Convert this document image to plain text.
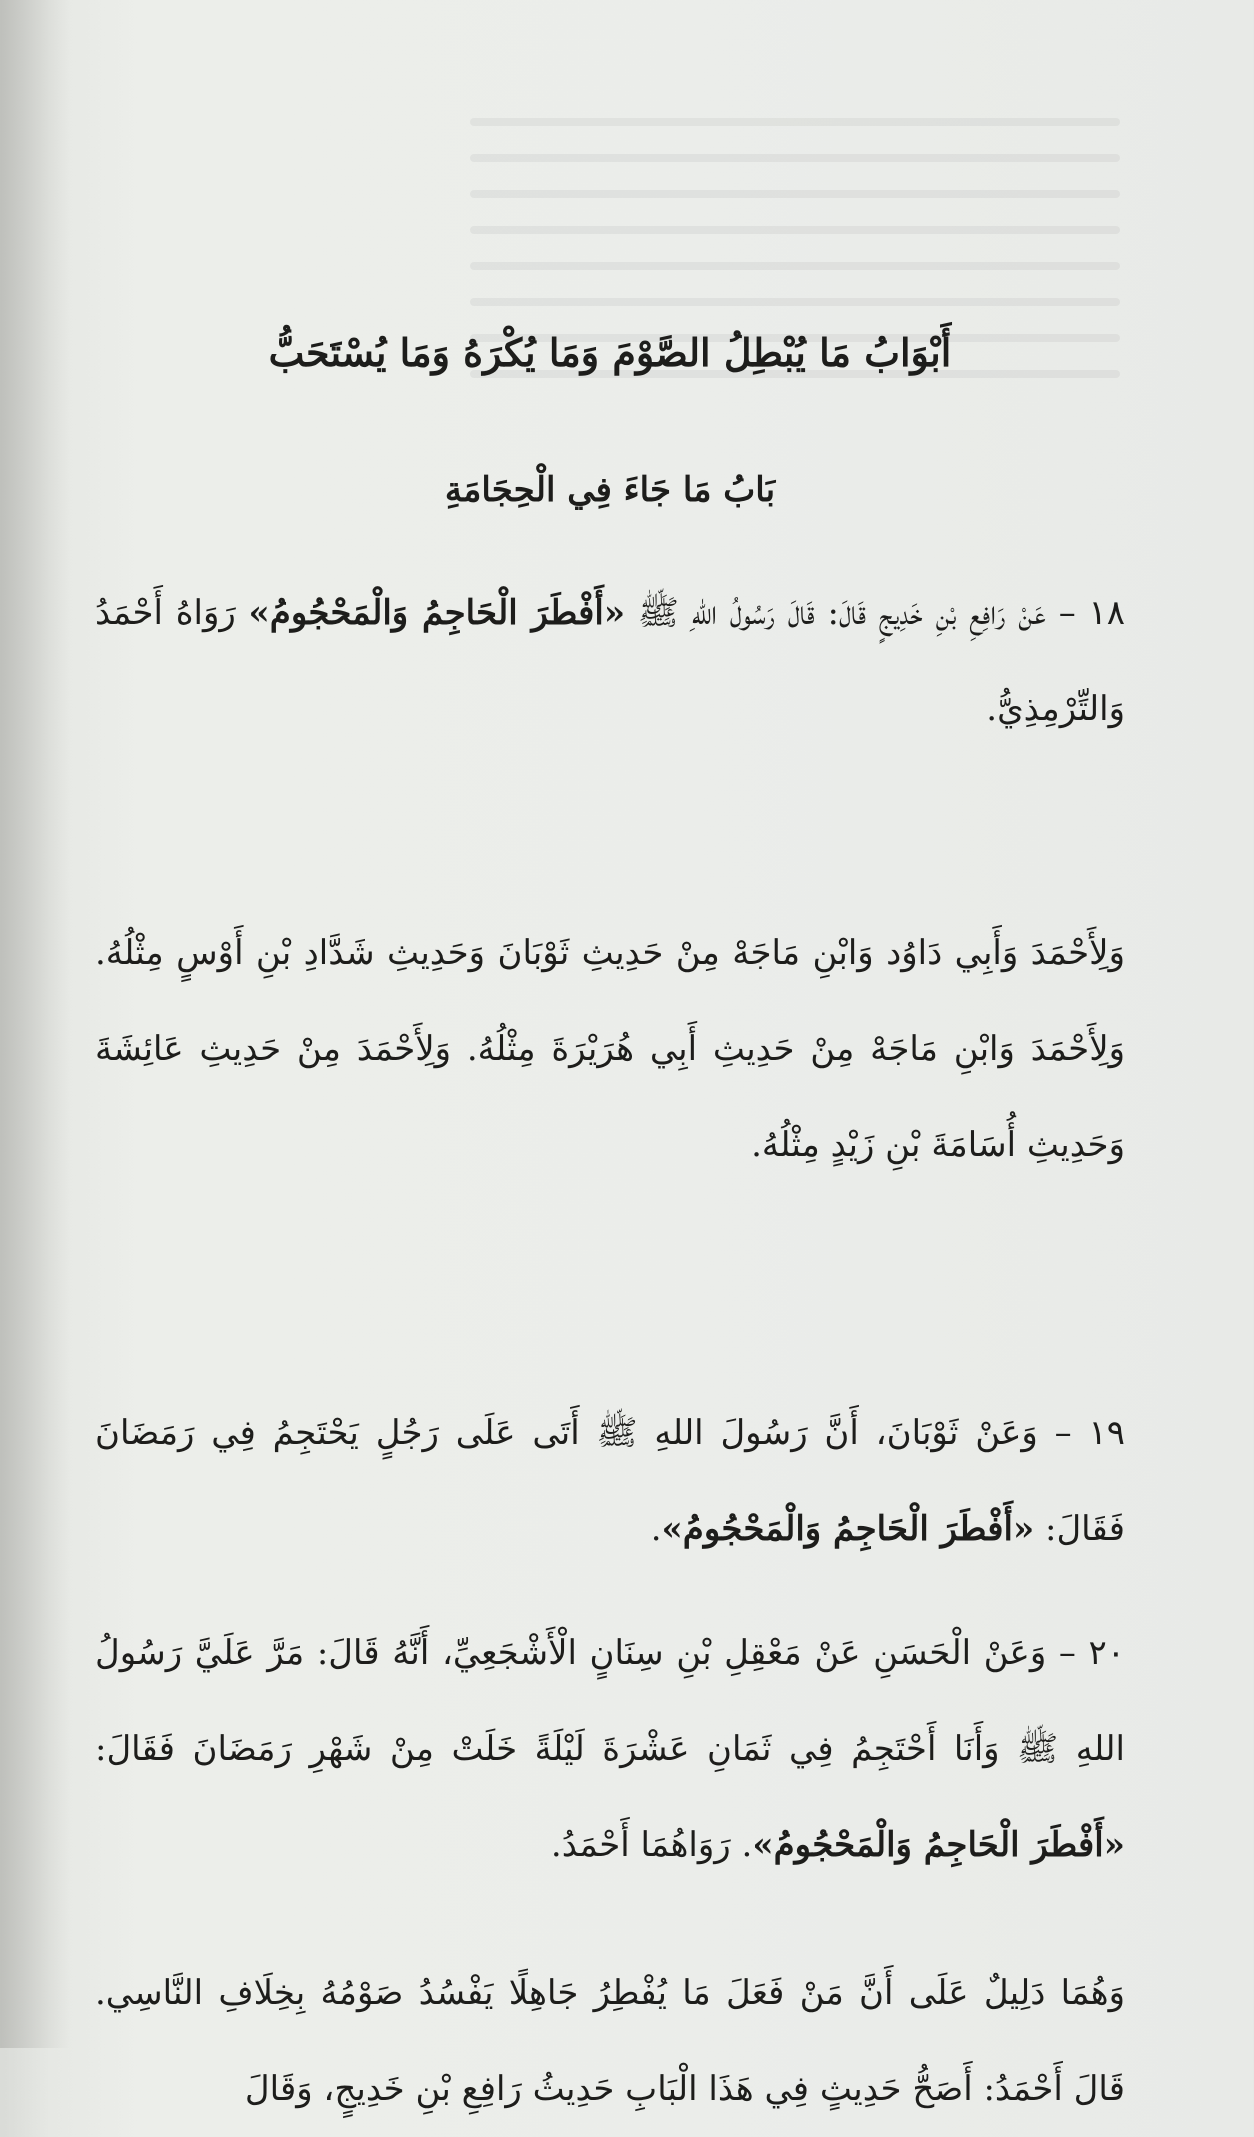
أَبْوَابُ مَا يُبْطِلُ الصَّوْمَ وَمَا يُكْرَهُ وَمَا يُسْتَحَبُّ
بَابُ مَا جَاءَ فِي الْحِجَامَةِ

١٨ – عَنْ رَافِعِ بْنِ خَدِيجٍ قَالَ: قَالَ رَسُولُ اللهِ ﷺ «أَفْطَرَ الْحَاجِمُ وَالْمَحْجُومُ» رَوَاهُ أَحْمَدُ وَالتِّرْمِذِيُّ.

وَلِأَحْمَدَ وَأَبِي دَاوُد وَابْنِ مَاجَهْ مِنْ حَدِيثِ ثَوْبَانَ وَحَدِيثِ شَدَّادِ بْنِ أَوْسٍ مِثْلُهُ. وَلِأَحْمَدَ وَابْنِ مَاجَهْ مِنْ حَدِيثِ أَبِي هُرَيْرَةَ مِثْلُهُ. وَلِأَحْمَدَ مِنْ حَدِيثِ عَائِشَةَ وَحَدِيثِ أُسَامَةَ بْنِ زَيْدٍ مِثْلُهُ.

١٩ – وَعَنْ ثَوْبَانَ، أَنَّ رَسُولَ اللهِ ﷺ أَتَى عَلَى رَجُلٍ يَحْتَجِمُ فِي رَمَضَانَ فَقَالَ: «أَفْطَرَ الْحَاجِمُ وَالْمَحْجُومُ».

٢٠ – وَعَنْ الْحَسَنِ عَنْ مَعْقِلِ بْنِ سِنَانٍ الْأَشْجَعِيِّ، أَنَّهُ قَالَ: مَرَّ عَلَيَّ رَسُولُ اللهِ ﷺ وَأَنَا أَحْتَجِمُ فِي ثَمَانِ عَشْرَةَ لَيْلَةً خَلَتْ مِنْ شَهْرِ رَمَضَانَ فَقَالَ: «أَفْطَرَ الْحَاجِمُ وَالْمَحْجُومُ». رَوَاهُمَا أَحْمَدُ.

وَهُمَا دَلِيلٌ عَلَى أَنَّ مَنْ فَعَلَ مَا يُفْطِرُ جَاهِلًا يَفْسُدُ صَوْمُهُ بِخِلَافِ النَّاسِي. قَالَ أَحْمَدُ: أَصَحُّ حَدِيثٍ فِي هَذَا الْبَابِ حَدِيثُ رَافِعِ بْنِ خَدِيجٍ، وَقَالَ
